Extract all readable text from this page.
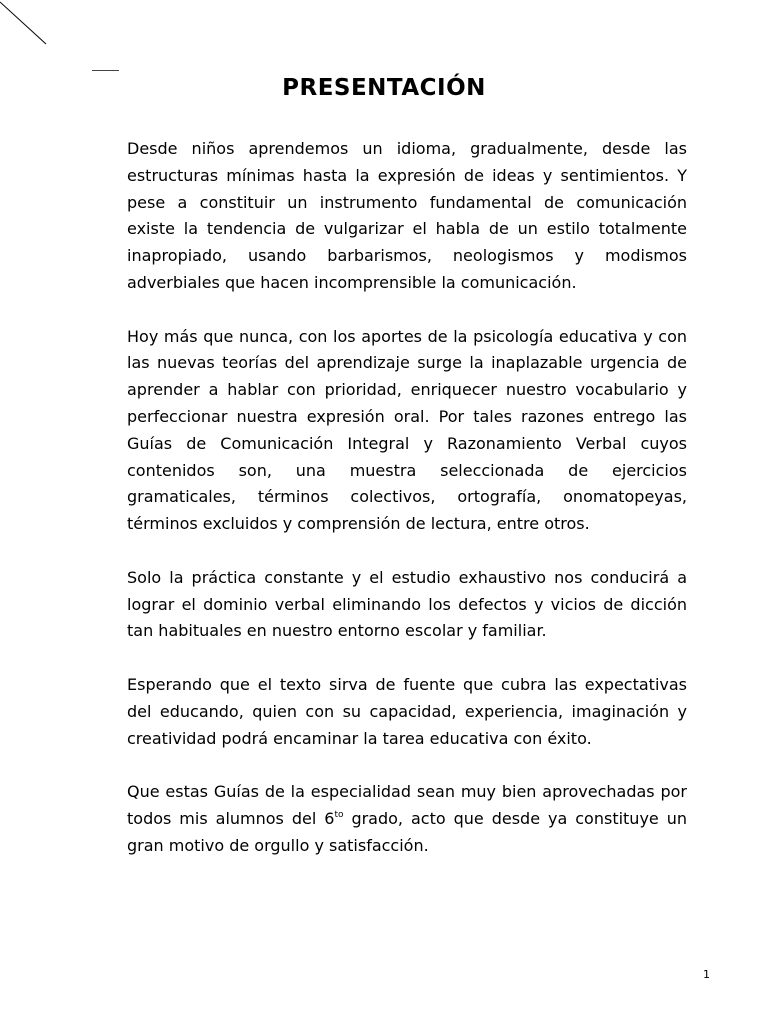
PRESENTACIÓN

Desde niños aprendemos un idioma, gradualmente, desde las estructuras mínimas hasta la expresión de ideas y sentimientos. Y pese a constituir un instrumento fundamental de comunicación existe la tendencia de vulgarizar el habla de un estilo totalmente inapropiado, usando barbarismos, neologismos y modismos adverbiales que hacen incomprensible la comunicación.

Hoy más que nunca, con los aportes de la psicología educativa y con las nuevas teorías del aprendizaje surge la inaplazable urgencia de aprender a hablar con prioridad, enriquecer nuestro vocabulario y perfeccionar nuestra expresión oral. Por tales razones entrego las Guías de Comunicación Integral y Razonamiento Verbal cuyos contenidos son, una muestra seleccionada de ejercicios gramaticales, términos colectivos, ortografía, onomatopeyas, términos excluidos y comprensión de lectura, entre otros.

Solo la práctica constante y el estudio exhaustivo nos conducirá a lograr el dominio verbal eliminando los defectos y vicios de dicción tan habituales en nuestro entorno escolar y familiar.

Esperando que el texto sirva de fuente que cubra las expectativas del educando, quien con su capacidad, experiencia, imaginación y creatividad podrá encaminar la tarea educativa con éxito.

Que estas Guías de la especialidad sean muy bien aprovechadas por todos mis alumnos del $6^{to}$ grado, acto que desde ya constituye un gran motivo de orgullo y satisfacción.

1
